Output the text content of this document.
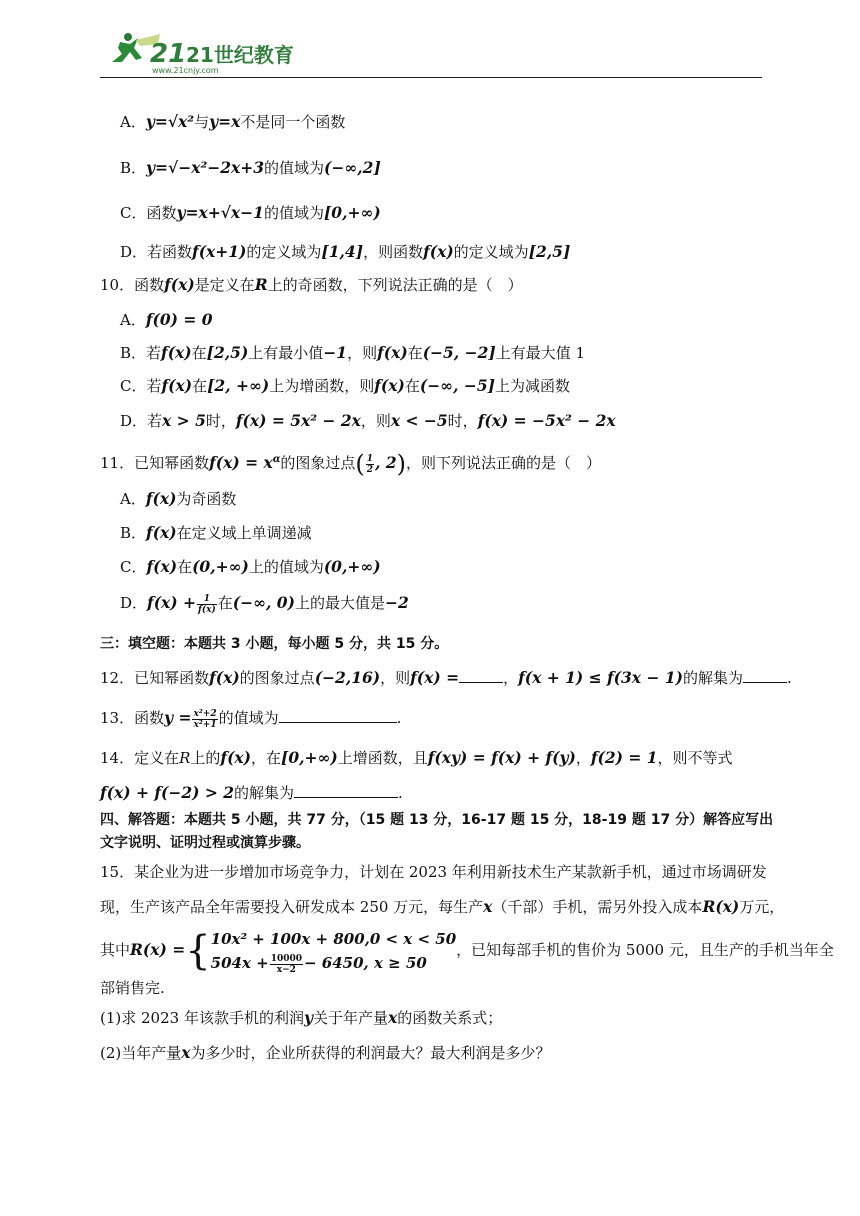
21 21世纪教育
www.21cnjy.com
A．y=√x²与y=x不是同一个函数
B．y=√−x²−2x+3的值域为(−∞,2]
C．函数y=x+√x−1的值域为[0,+∞)
D．若函数f(x+1)的定义域为[1,4]，则函数f(x)的定义域为[2,5]
10．函数f(x)是定义在R上的奇函数，下列说法正确的是（　）
A．f(0) = 0
B．若f(x)在[2,5)上有最小值−1，则f(x)在(−5, −2]上有最大值 1
C．若f(x)在[2, +∞)上为增函数，则f(x)在(−∞, −5]上为减函数
D．若x > 5时，f(x) = 5x² − 2x，则x < −5时，f(x) = −5x² − 2x
11．已知幂函数$f(x) = x^\alpha$的图象过点( $\frac{1}{2}$ , 2)，则下列说法正确的是（　）
A．f(x)为奇函数
B．f(x)在定义域上单调递减
C．f(x)在(0,+∞)上的值域为(0,+∞)
D．$f(x) + \frac{1}{f(x)}$ 在(−∞, 0)上的最大值是−2
三：填空题：本题共 3 小题，每小题 5 分，共 15 分。
12．已知幂函数f(x)的图象过点(−2,16)，则f(x) =	，f(x + 1) ≤ f(3x − 1)的解集为	.
13．函数$y = \frac{\text{x²+2}}{\text{x²+1}}$ 的值域为	.
14．定义在R上的f(x)，在[0,+∞)上增函数，且f(xy) = f(x) + f(y)，f(2) = 1，则不等式
f(x) + f(−2) > 2的解集为	.
四、解答题：本题共 5 小题，共 77 分，（15 题 13 分，16-17 题 15 分，18-19 题 17 分）解答应写出
文字说明、证明过程或演算步骤。
15．某企业为进一步增加市场竞争力，计划在 2023 年利用新技术生产某款新手机，通过市场调研发
现，生产该产品全年需要投入研发成本 250 万元，每生产x（千部）手机，需另外投入成本R(x)万元，
其中R(x) ={ 10x² + 100x + 800,0 < x < 50
$504x + \frac{10000}{x-2} - 6450$, x ≥ 50
，已知每部手机的售价为 5000 元，且生产的手机当年全
部销售完.
(1)求 2023 年该款手机的利润y关于年产量x的函数关系式；
(2)当年产量x为多少时，企业所获得的利润最大？最大利润是多少？
